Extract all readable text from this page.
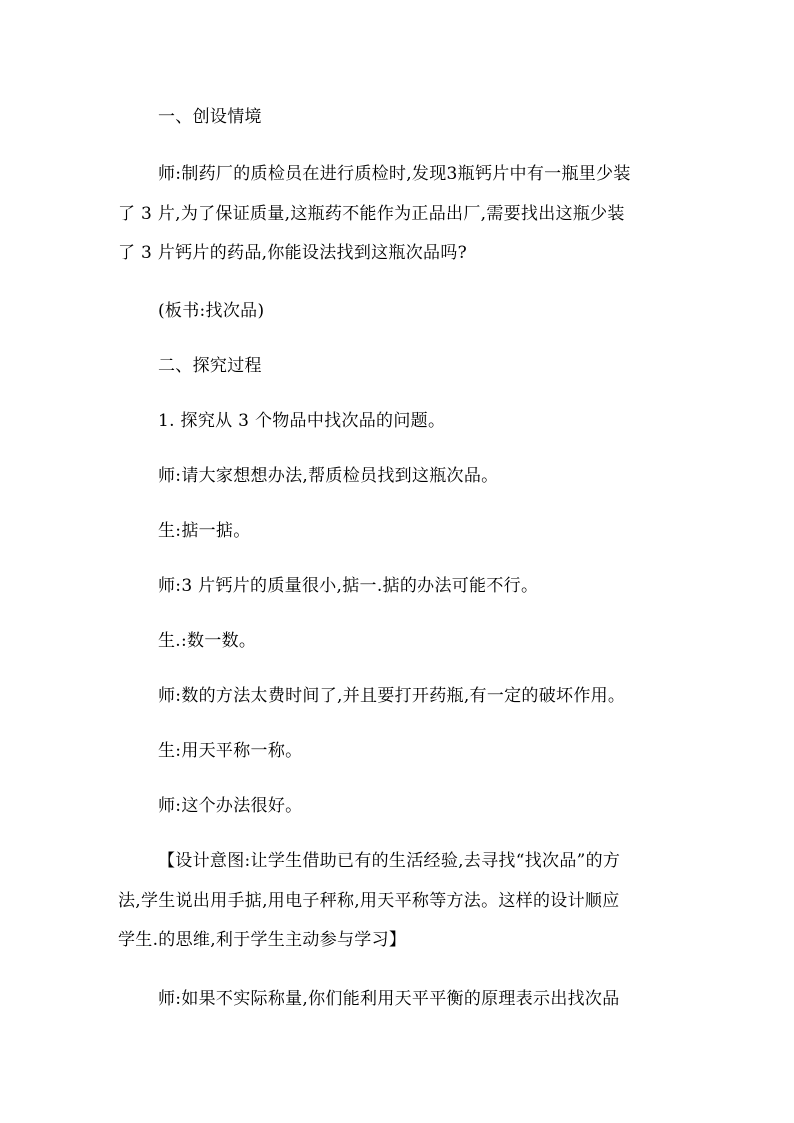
一、创设情境
师:制药厂的质检员在进行质检时,发现3瓶钙片中有一瓶里少装
了 3 片,为了保证质量,这瓶药不能作为正品出厂,需要找出这瓶少装
了 3 片钙片的药品,你能设法找到这瓶次品吗?
(板书:找次品)
二、探究过程
1. 探究从 3 个物品中找次品的问题。
师:请大家想想办法,帮质检员找到这瓶次品。
生:掂一掂。
师:3 片钙片的质量很小,掂一.掂的办法可能不行。
生.:数一数。
师:数的方法太费时间了,并且要打开药瓶,有一定的破坏作用。
生:用天平称一称。
师:这个办法很好。
【设计意图:让学生借助已有的生活经验,去寻找“找次品”的方
法,学生说出用手掂,用电子秤称,用天平称等方法。这样的设计顺应
学生.的思维,利于学生主动参与学习】
师:如果不实际称量,你们能利用天平平衡的原理表示出找次品
